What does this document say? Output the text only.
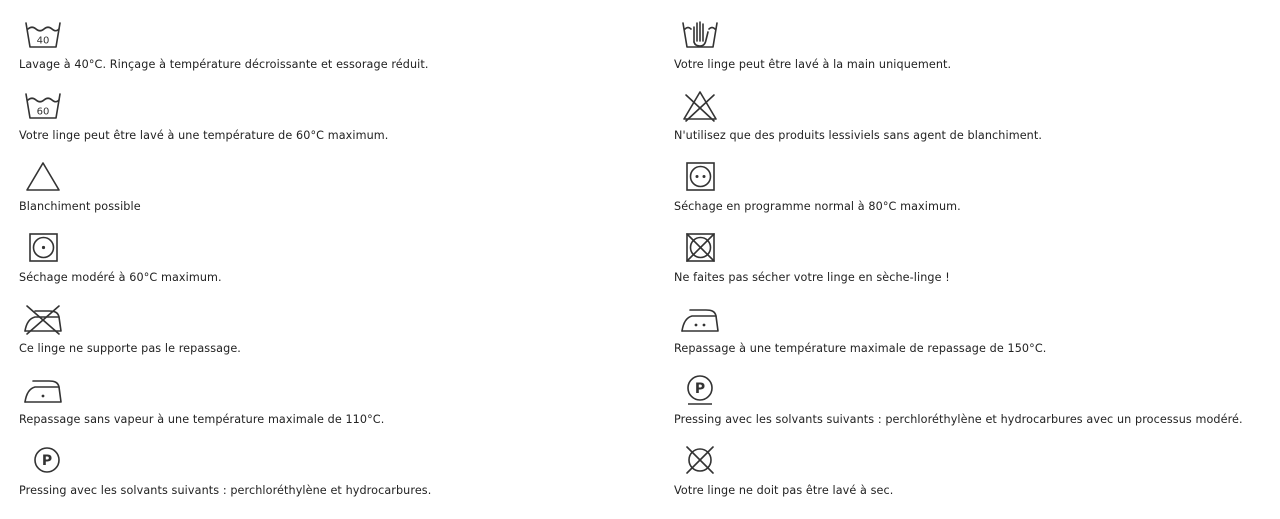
40
Lavage à 40°C. Rinçage à température décroissante et essorage réduit.
60
Votre linge peut être lavé à une température de 60°C maximum.
Blanchiment possible
Séchage modéré à 60°C maximum.
Ce linge ne supporte pas le repassage.
Repassage sans vapeur à une température maximale de 110°C.
P
Pressing avec les solvants suivants : perchloréthylène et hydrocarbures.
Votre linge peut être lavé à la main uniquement.
N'utilisez que des produits lessiviels sans agent de blanchiment.
Séchage en programme normal à 80°C maximum.
Ne faites pas sécher votre linge en sèche-linge !
Repassage à une température maximale de repassage de 150°C.
P
Pressing avec les solvants suivants : perchloréthylène et hydrocarbures avec un processus modéré.
Votre linge ne doit pas être lavé à sec.
